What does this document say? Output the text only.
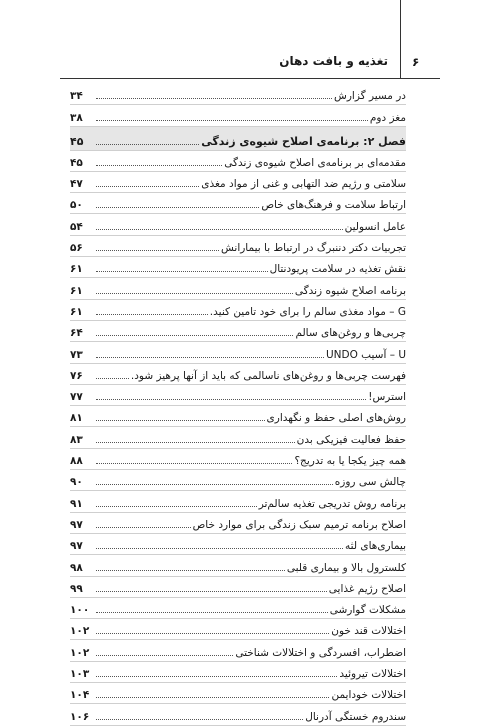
۶
تغذیه و بافت دهان
در مسیر گزارش
۳۴
مغز دوم
۳۸
فصل ۲: برنامه‌ی اصلاح شیوه‌ی زندگی
۴۵
مقدمه‌ای بر برنامه‌ی اصلاح شیوه‌ی زندگی
۴۵
سلامتی و رژیم ضد التهابی و غنی از مواد مغذی
۴۷
ارتباط سلامت و فرهنگ‌های خاص
۵۰
عامل انسولین
۵۴
تجربیات دکتر دننبرگ در ارتباط با بیمارانش
۵۶
نقش تغذیه در سلامت پریودنتال
۶۱
برنامه اصلاح شیوه زندگی
۶۱
G – مواد مغذی سالم را برای خود تامین کنید.
۶۱
چربی‌ها و روغن‌های سالم
۶۴
U – آسیب UNDO
۷۳
فهرست چربی‌ها و روغن‌های ناسالمی که باید از آنها پرهیز شود.
۷۶
استرس!
۷۷
روش‌های اصلی حفظ و نگهداری
۸۱
حفظ فعالیت فیزیکی بدن
۸۳
همه چیز یکجا یا به تدریج؟
۸۸
چالش سی روزه
۹۰
برنامه روش تدریجی تغذیه سالم‌تر
۹۱
اصلاح برنامه ترمیم سبک زندگی برای موارد خاص
۹۷
بیماری‌های لثه
۹۷
کلسترول بالا و بیماری قلبی
۹۸
اصلاح رژیم غذایی
۹۹
مشکلات گوارشی
۱۰۰
اختلالات قند خون
۱۰۲
اضطراب، افسردگی و اختلالات شناختی
۱۰۲
اختلالات تیروئید
۱۰۳
اختلالات خودایمن
۱۰۴
سندروم خستگی آدرنال
۱۰۶
